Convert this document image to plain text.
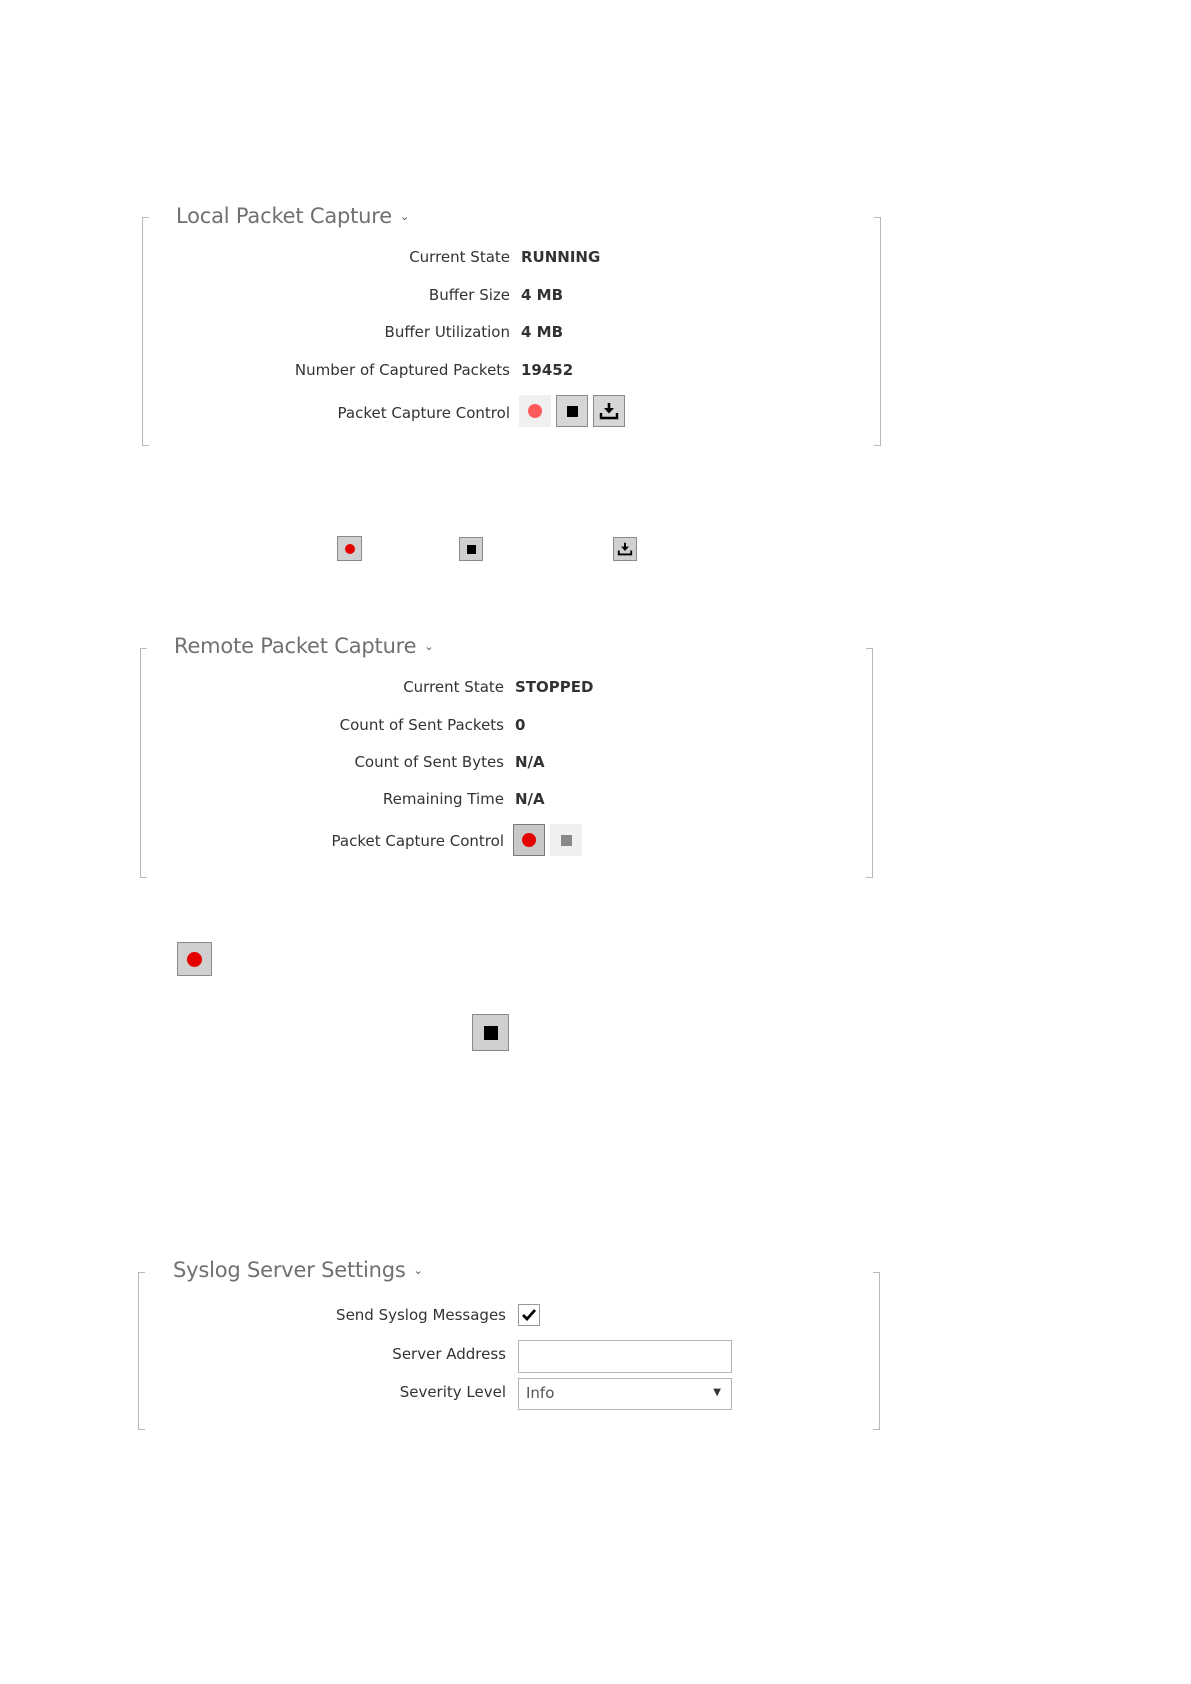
Local Packet Capture ⌄
Current State RUNNING
Buffer Size 4 MB
Buffer Utilization 4 MB
Number of Captured Packets 19452
Packet Capture Control
Remote Packet Capture ⌄
Current State STOPPED
Count of Sent Packets 0
Count of Sent Bytes N/A
Remaining Time N/A
Packet Capture Control
Syslog Server Settings ⌄
Send Syslog Messages
Server Address
Severity Level	Info	▼
